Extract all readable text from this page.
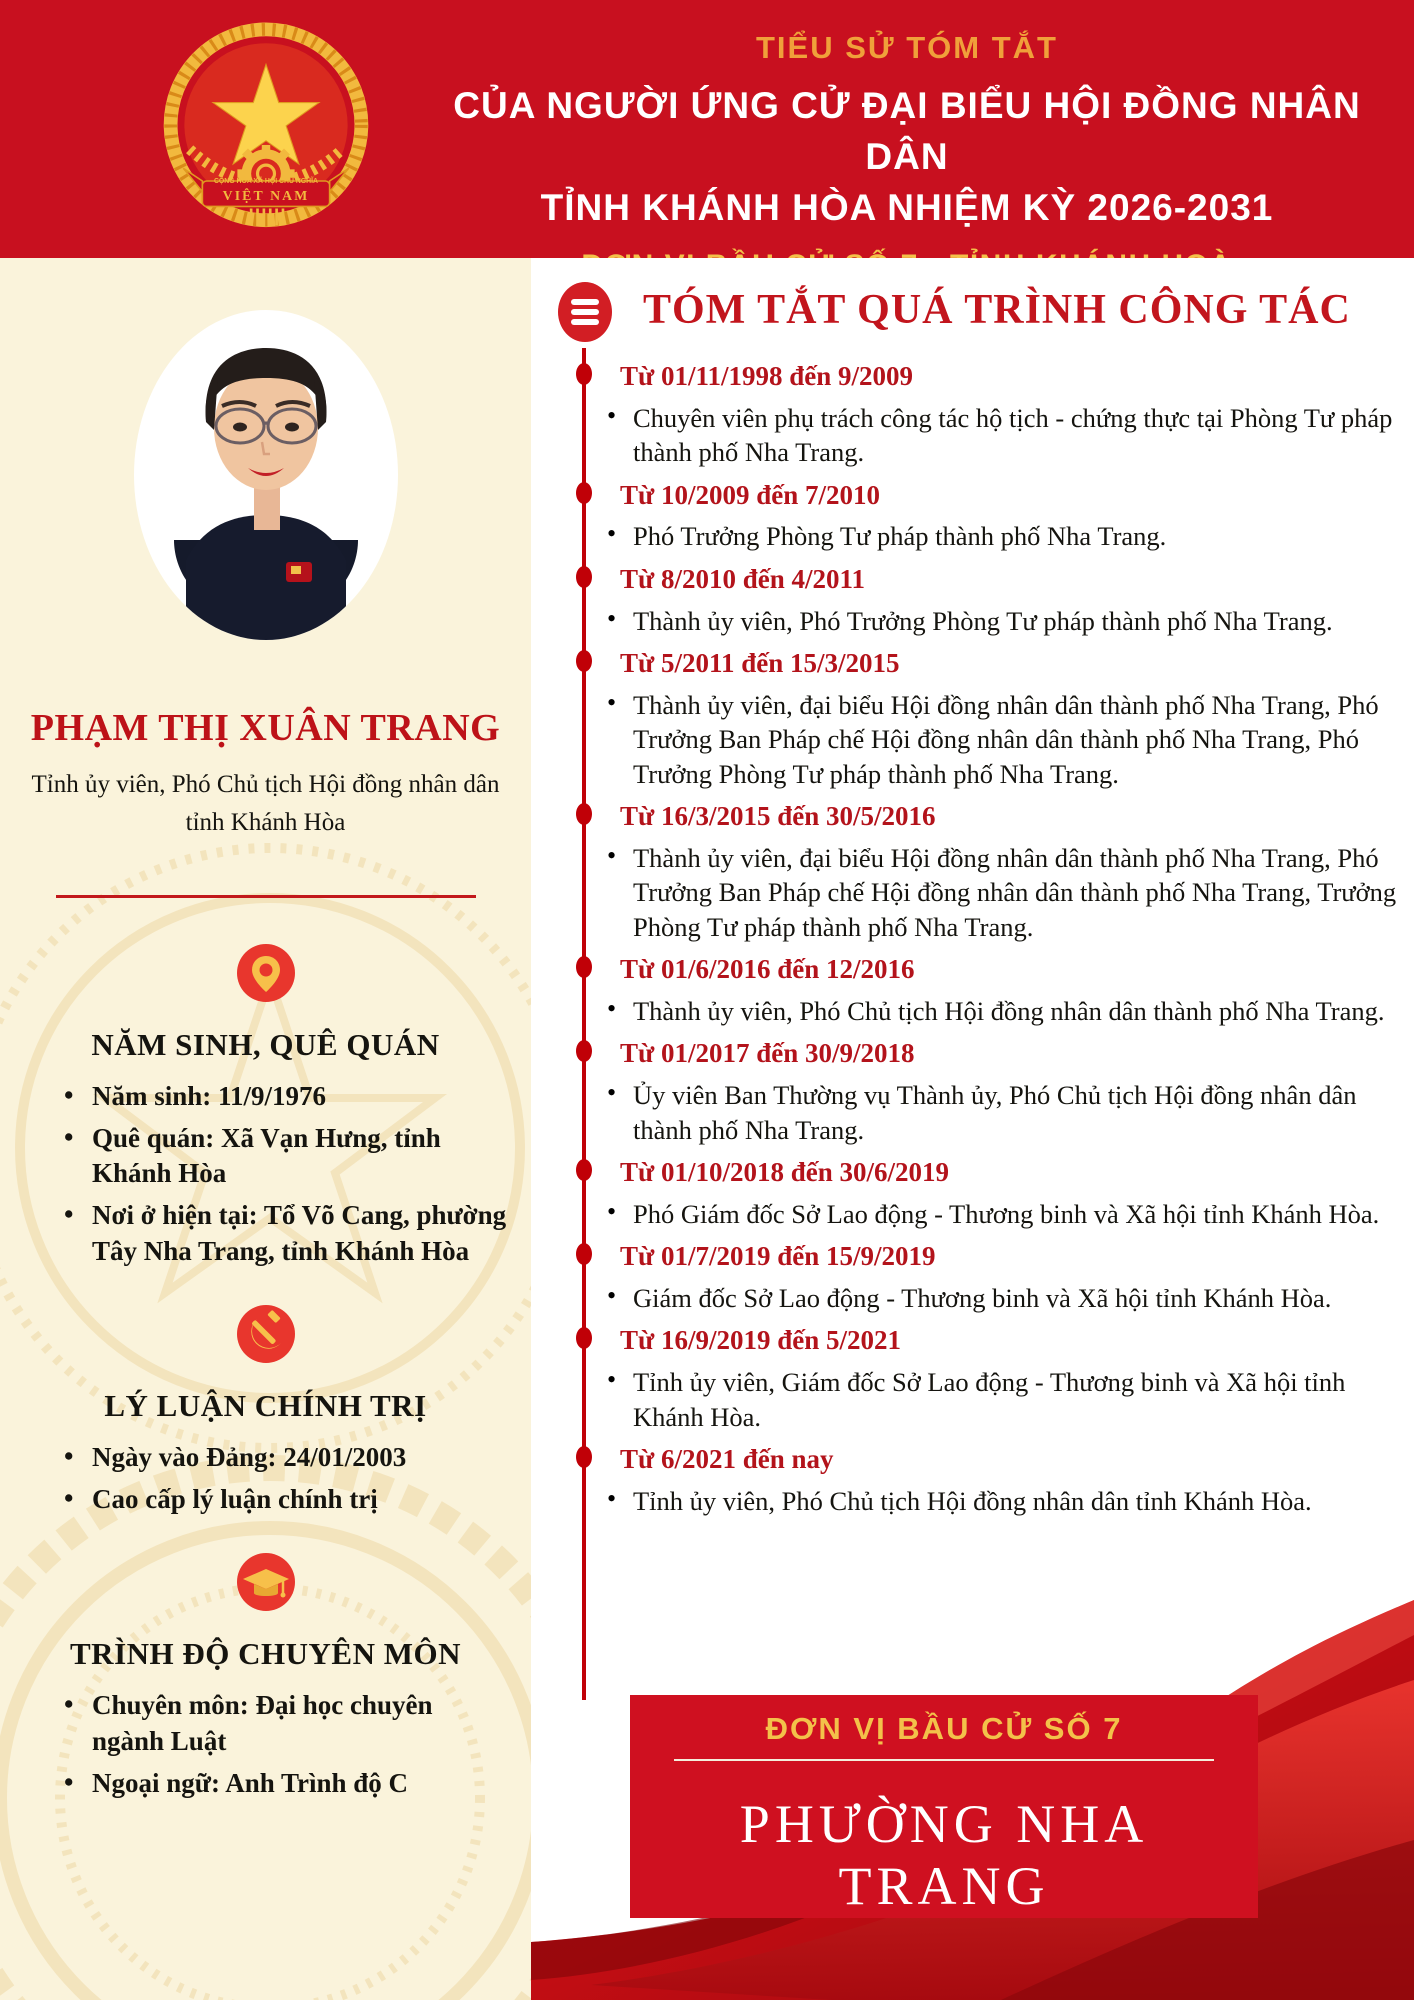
CỘNG HÒA XÃ HỘI CHỦ NGHĨA
VIỆT NAM
TIỂU SỬ TÓM TẮT
CỦA NGƯỜI ỨNG CỬ ĐẠI BIỂU HỘI ĐỒNG NHÂN DÂN
TỈNH KHÁNH HÒA NHIỆM KỲ 2026-2031
PHẠM THỊ XUÂN TRANG
Tỉnh ủy viên, Phó Chủ tịch Hội đồng nhân dân
tỉnh Khánh Hòa
NĂM SINH, QUÊ QUÁN
• Năm sinh: 11/9/1976
• Quê quán: Xã Vạn Hưng, tỉnh Khánh Hòa
• Nơi ở hiện tại: Tổ Võ Cang, phường Tây Nha Trang, tỉnh Khánh Hòa
LÝ LUẬN CHÍNH TRỊ
• Ngày vào Đảng: 24/01/2003
• Cao cấp lý luận chính trị
TRÌNH ĐỘ CHUYÊN MÔN
• Chuyên môn: Đại học chuyên ngành Luật
• Ngoại ngữ: Anh Trình độ C
TÓM TẮT QUÁ TRÌNH CÔNG TÁC
Từ 01/11/1998 đến 9/2009
• Chuyên viên phụ trách công tác hộ tịch - chứng thực tại Phòng Tư pháp thành phố Nha Trang.
Từ 10/2009 đến 7/2010
• Phó Trưởng Phòng Tư pháp thành phố Nha Trang.
Từ 8/2010 đến 4/2011
• Thành ủy viên, Phó Trưởng Phòng Tư pháp thành phố Nha Trang.
Từ 5/2011 đến 15/3/2015
• Thành ủy viên, đại biểu Hội đồng nhân dân thành phố Nha Trang, Phó Trưởng Ban Pháp chế Hội đồng nhân dân thành phố Nha Trang, Phó Trưởng Phòng Tư pháp thành phố Nha Trang.
Từ 16/3/2015 đến 30/5/2016
• Thành ủy viên, đại biểu Hội đồng nhân dân thành phố Nha Trang, Phó Trưởng Ban Pháp chế Hội đồng nhân dân thành phố Nha Trang, Trưởng Phòng Tư pháp thành phố Nha Trang.
Từ 01/6/2016 đến 12/2016
• Thành ủy viên, Phó Chủ tịch Hội đồng nhân dân thành phố Nha Trang.
Từ 01/2017 đến 30/9/2018
• Ủy viên Ban Thường vụ Thành ủy, Phó Chủ tịch Hội đồng nhân dân thành phố Nha Trang.
Từ 01/10/2018 đến 30/6/2019
• Phó Giám đốc Sở Lao động - Thương binh và Xã hội tỉnh Khánh Hòa.
Từ 01/7/2019 đến 15/9/2019
• Giám đốc Sở Lao động - Thương binh và Xã hội tỉnh Khánh Hòa.
Từ 16/9/2019 đến 5/2021
• Tỉnh ủy viên, Giám đốc Sở Lao động - Thương binh và Xã hội tỉnh Khánh Hòa.
Từ 6/2021 đến nay
• Tỉnh ủy viên, Phó Chủ tịch Hội đồng nhân dân tỉnh Khánh Hòa.
ĐƠN VỊ BẦU CỬ SỐ 7
PHƯỜNG NHA TRANG
